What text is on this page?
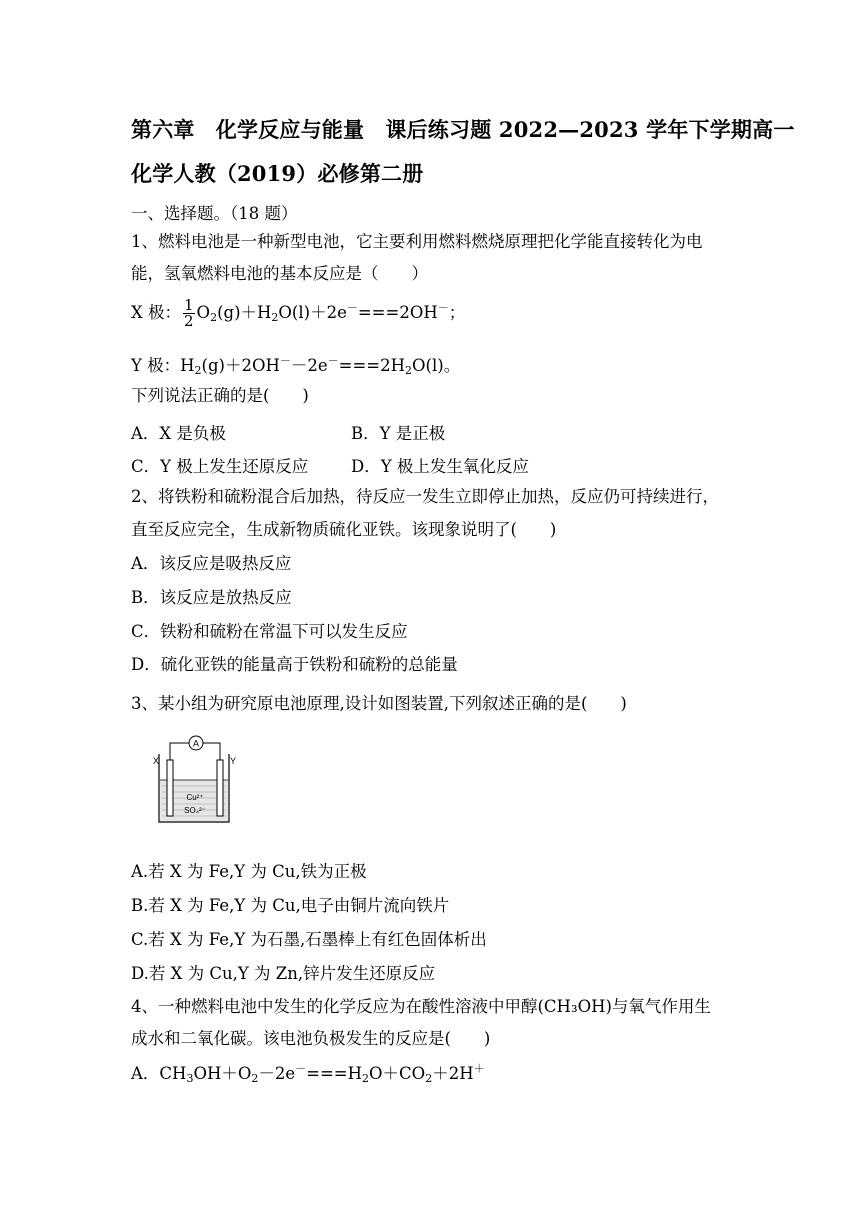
第六章　化学反应与能量　课后练习题 2022—2023 学年下学期高一
化学人教（2019）必修第二册
一、选择题。（18 题）
1、燃料电池是一种新型电池，它主要利用燃料燃烧原理把化学能直接转化为电
能，氢氧燃料电池的基本反应是（　　）
X 极： $\frac{1}{2} O_2(g)+H_2O(l)+2e^-===2OH^-$；
Y 极：$H_2(g)+2OH^--2e^-===2H_2O(l)$。
下列说法正确的是(　　)
A．X 是负极	B．Y 是正极
C．Y 极上发生还原反应	D．Y 极上发生氧化反应
2、将铁粉和硫粉混合后加热，待反应一发生立即停止加热，反应仍可持续进行，
直至反应完全，生成新物质硫化亚铁。该现象说明了(　　)
A．该反应是吸热反应
B．该反应是放热反应
C．铁粉和硫粉在常温下可以发生反应
D．硫化亚铁的能量高于铁粉和硫粉的总能量
3、某小组为研究原电池原理,设计如图装置,下列叙述正确的是(　　)
A
X	Y
Cu²⁺
SO₄²⁻
A.若 X 为 Fe,Y 为 Cu,铁为正极
B.若 X 为 Fe,Y 为 Cu,电子由铜片流向铁片
C.若 X 为 Fe,Y 为石墨,石墨棒上有红色固体析出
D.若 X 为 Cu,Y 为 Zn,锌片发生还原反应
4、一种燃料电池中发生的化学反应为在酸性溶液中甲醇(CH₃OH)与氧气作用生
成水和二氧化碳。该电池负极发生的反应是(　　)
A．$CH_3OH+O_2-2e^-===H_2O+CO_2+2H^+$
